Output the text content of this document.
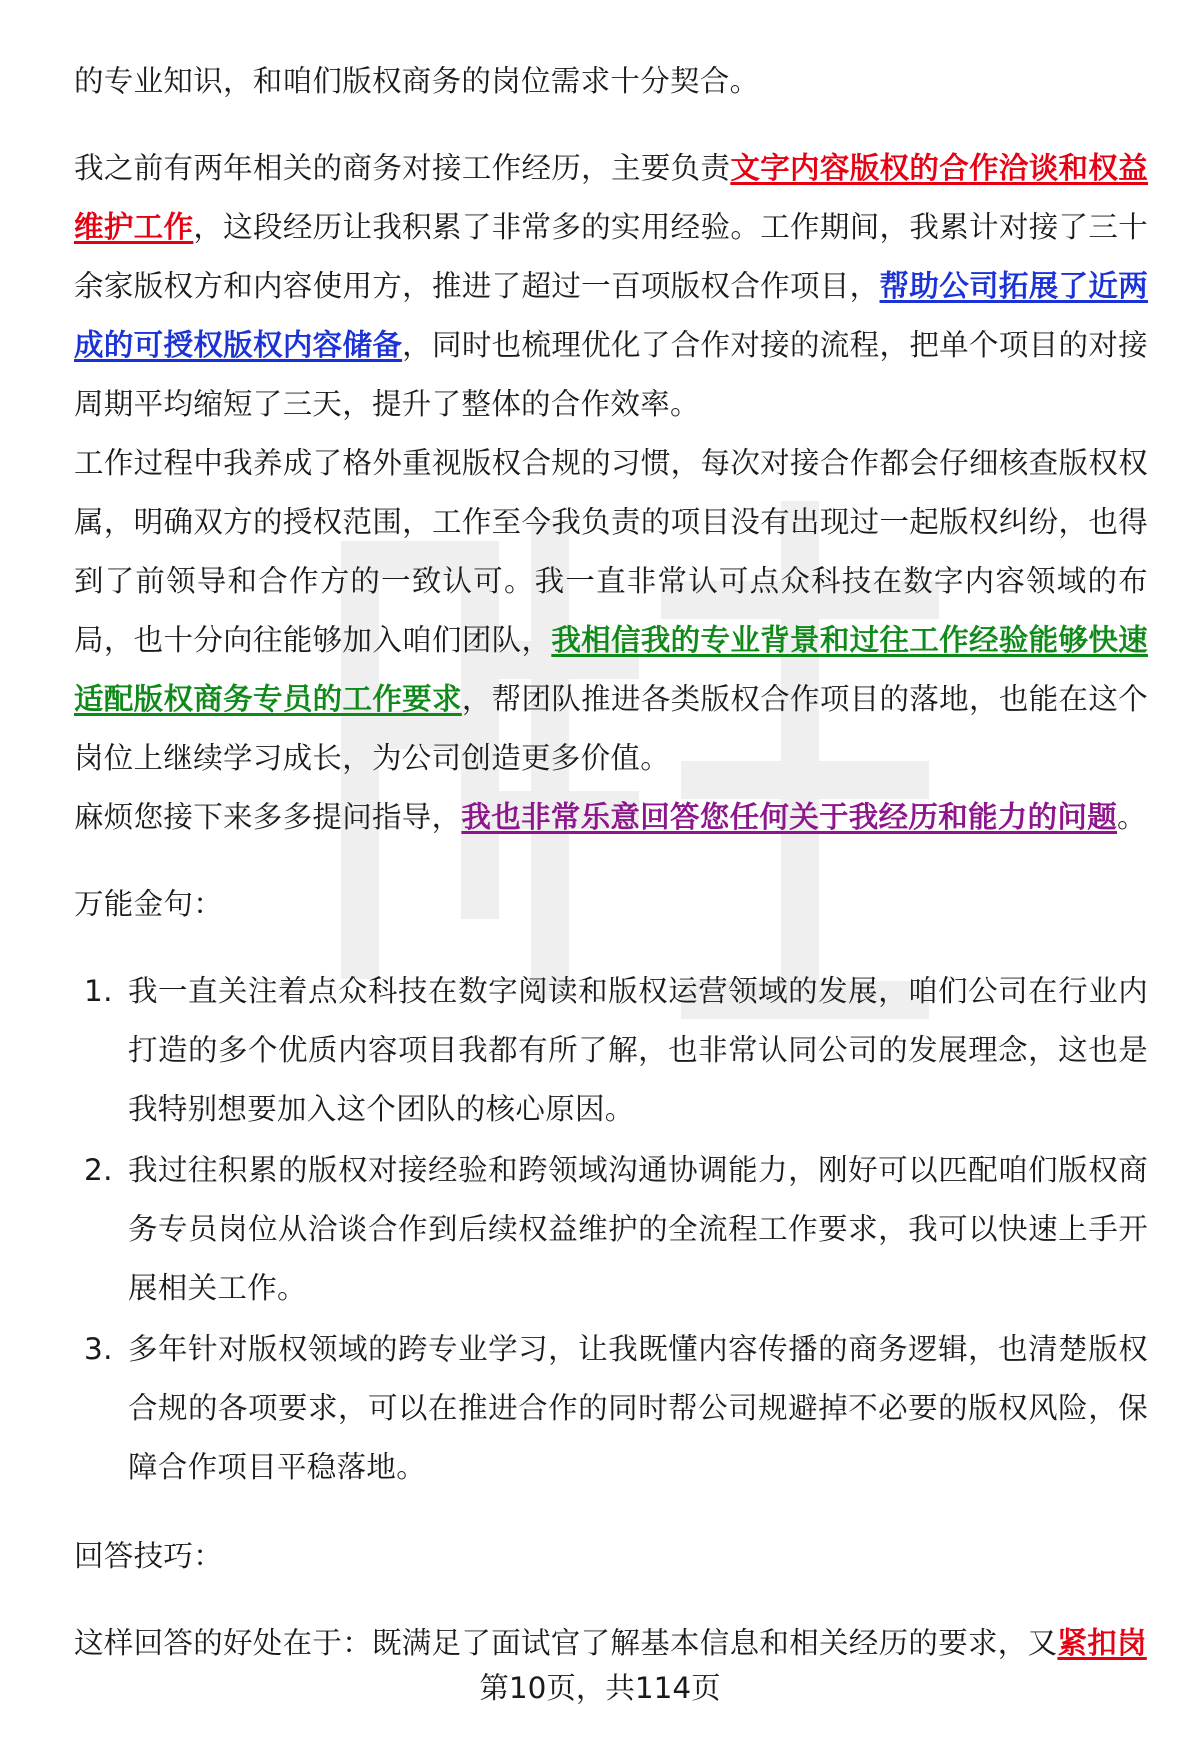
的专业知识，和咱们版权商务的岗位需求十分契合。

我之前有两年相关的商务对接工作经历，主要负责文字内容版权的合作洽谈和权益维护工作，这段经历让我积累了非常多的实用经验。工作期间，我累计对接了三十余家版权方和内容使用方，推进了超过一百项版权合作项目，帮助公司拓展了近两成的可授权版权内容储备，同时也梳理优化了合作对接的流程，把单个项目的对接周期平均缩短了三天，提升了整体的合作效率。

工作过程中我养成了格外重视版权合规的习惯，每次对接合作都会仔细核查版权权属，明确双方的授权范围，工作至今我负责的项目没有出现过一起版权纠纷，也得到了前领导和合作方的一致认可。我一直非常认可点众科技在数字内容领域的布局，也十分向往能够加入咱们团队，我相信我的专业背景和过往工作经验能够快速适配版权商务专员的工作要求，帮团队推进各类版权合作项目的落地，也能在这个岗位上继续学习成长，为公司创造更多价值。

麻烦您接下来多多提问指导，我也非常乐意回答您任何关于我经历和能力的问题。

万能金句：

1. 我一直关注着点众科技在数字阅读和版权运营领域的发展，咱们公司在行业内打造的多个优质内容项目我都有所了解，也非常认同公司的发展理念，这也是我特别想要加入这个团队的核心原因。
2. 我过往积累的版权对接经验和跨领域沟通协调能力，刚好可以匹配咱们版权商务专员岗位从洽谈合作到后续权益维护的全流程工作要求，我可以快速上手开展相关工作。
3. 多年针对版权领域的跨专业学习，让我既懂内容传播的商务逻辑，也清楚版权合规的各项要求，可以在推进合作的同时帮公司规避掉不必要的版权风险，保障合作项目平稳落地。

回答技巧：

这样回答的好处在于：既满足了面试官了解基本信息和相关经历的要求，又紧扣岗

第10页，共114页
